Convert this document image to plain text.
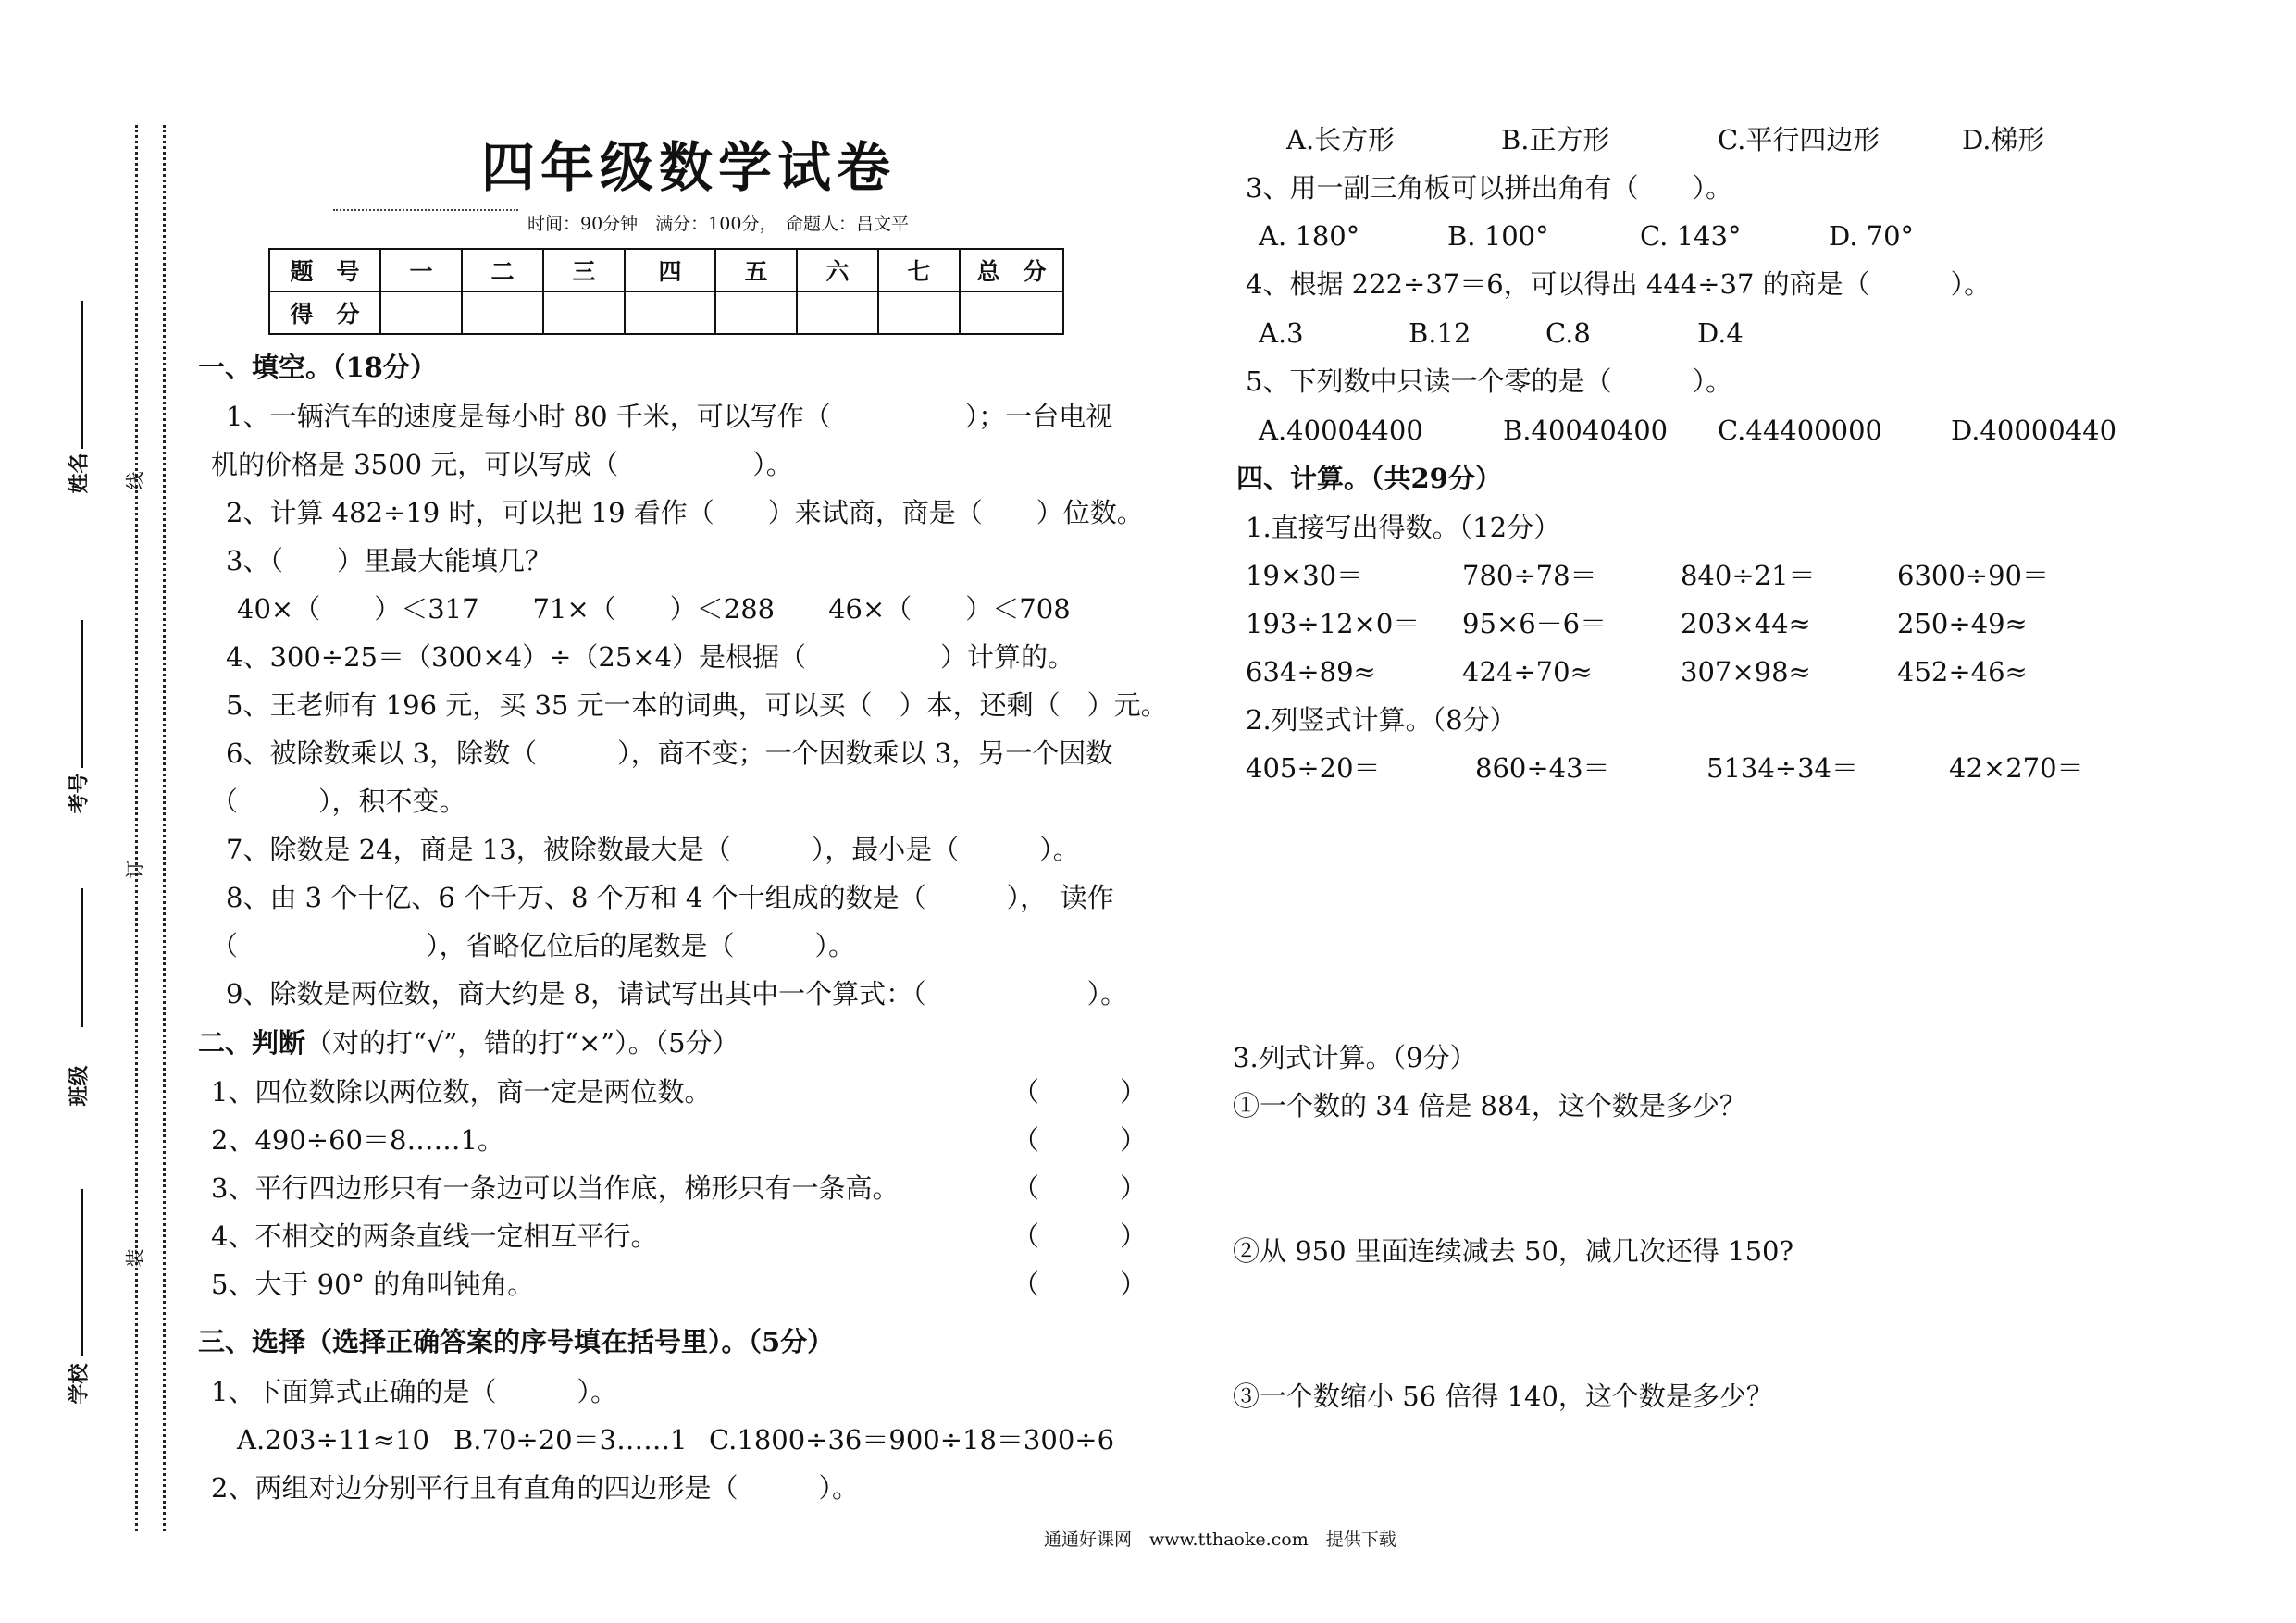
姓名
考号
班级
学校
线
订
装
四年级数学试卷
时间：90分钟　满分：100分，　命题人：吕文平
题　号	一	二	三	四	五	六	七	总　分
得　分								
一、填空。（18分）
1、一辆汽车的速度是每小时 80 千米，可以写作（　　　　　）；一台电视
机的价格是 3500 元，可以写成（　　　　　）。
2、计算 482÷19 时，可以把 19 看作（　　）来试商，商是（　　）位数。
3、（　　）里最大能填几？
40×（　　）＜317　　71×（　　）＜288　　46×（　　）＜708
4、300÷25＝（300×4）÷（25×4）是根据（　　　　　）计算的。
5、王老师有 196 元，买 35 元一本的词典，可以买（　）本，还剩（　）元。
6、被除数乘以 3，除数（　　　），商不变；一个因数乘以 3，另一个因数
（　　　），积不变。
7、除数是 24，商是 13，被除数最大是（　　　），最小是（　　　）。
8、由 3 个十亿、6 个千万、8 个万和 4 个十组成的数是（　　　），　读作
（　　　　　　　），省略亿位后的尾数是（　　　）。
9、除数是两位数，商大约是 8，请试写出其中一个算式：（　　　　　　）。
二、判断（对的打“√”，错的打“×”）。（5分）
1、四位数除以两位数，商一定是两位数。	（　　　）
2、490÷60＝8……1。	（　　　）
3、平行四边形只有一条边可以当作底，梯形只有一条高。	（　　　）
4、不相交的两条直线一定相互平行。	（　　　）
5、大于 90° 的角叫钝角。	（　　　）
三、选择（选择正确答案的序号填在括号里）。（5分）
1、下面算式正确的是（　　　）。
A.203÷11≈10 B.70÷20＝3……1 C.1800÷36＝900÷18＝300÷6
2、两组对边分别平行且有直角的四边形是（　　　）。
A.长方形	B.正方形	C.平行四边形	D.梯形
3、用一副三角板可以拼出角有（　　）。
A. 180°	B. 100°	C. 143°	D. 70°
4、根据 222÷37＝6，可以得出 444÷37 的商是（　　　）。
A.3	B.12	C.8	D.4
5、下列数中只读一个零的是（　　　）。
A.40004400	B.40040400 C.44400000	D.40000440
四、计算。（共29分）
1.直接写出得数。（12分）
19×30＝	780÷78＝	840÷21＝	6300÷90＝
193÷12×0＝ 95×6－6＝	203×44≈	250÷49≈
634÷89≈	424÷70≈	307×98≈	452÷46≈
2.列竖式计算。（8分）
405÷20＝	860÷43＝	5134÷34＝	42×270＝
3.列式计算。（9分）
①一个数的 34 倍是 884，这个数是多少？
②从 950 里面连续减去 50，减几次还得 150?
③一个数缩小 56 倍得 140，这个数是多少？
通通好课网　www.tthaoke.com　提供下载
